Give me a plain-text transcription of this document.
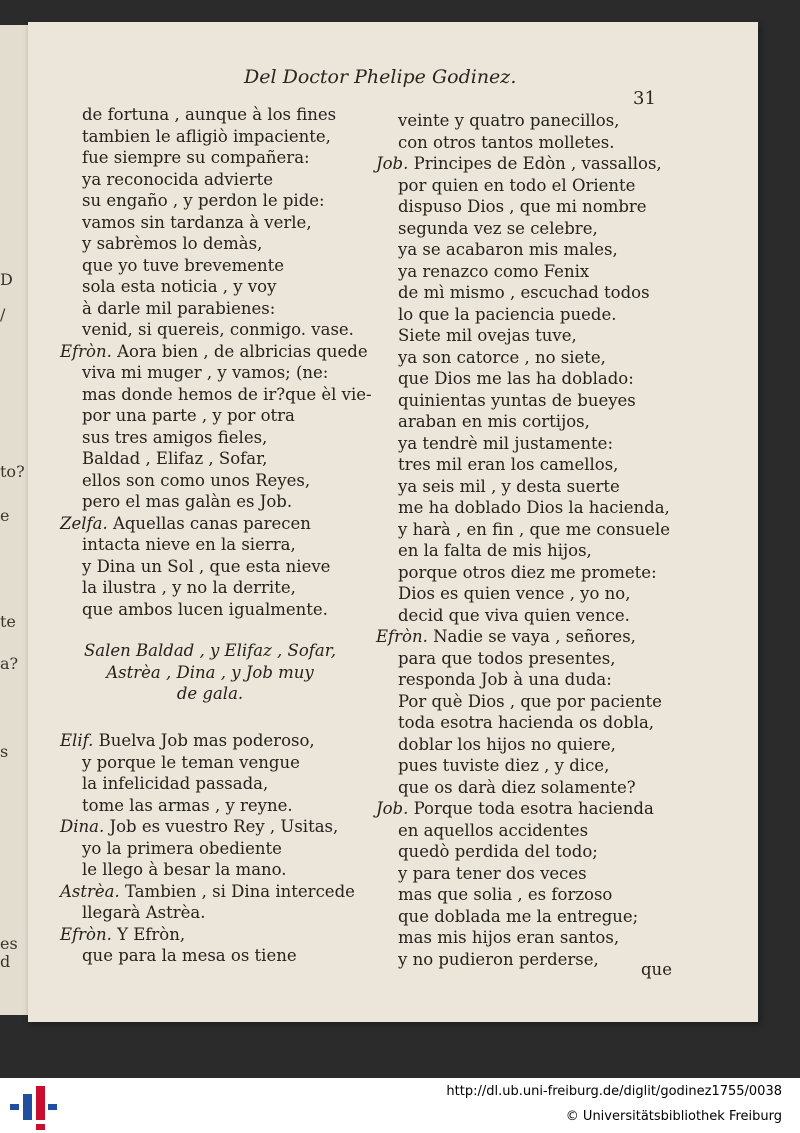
D
/
to?
e
te
a?
s
es
d
Del Doctor Phelipe Godinez.
31
de fortuna , aunque à los fines
tambien le afligiò impaciente,
fue siempre su compañera:
ya reconocida advierte
su engaño , y perdon le pide:
vamos sin tardanza à verle,
y sabrèmos lo demàs,
que yo tuve brevemente
sola esta noticia , y voy
à darle mil parabienes:
venid, si quereis, conmigo. vase.
Efròn. Aora bien , de albricias quede
viva mi muger , y vamos; (ne:
mas donde hemos de ir?que èl vie-
por una parte , y por otra
sus tres amigos fieles,
Baldad , Elifaz , Sofar,
ellos son como unos Reyes,
pero el mas galàn es Job.
Zelfa. Aquellas canas parecen
intacta nieve en la sierra,
y Dina un Sol , que esta nieve
la ilustra , y no la derrite,
que ambos lucen igualmente.
Salen Baldad , y Elifaz , Sofar,
Astrèa , Dina , y Job muy
de gala.
Elif. Buelva Job mas poderoso,
y porque le teman vengue
la infelicidad passada,
tome las armas , y reyne.
Dina. Job es vuestro Rey , Usitas,
yo la primera obediente
le llego à besar la mano.
Astrèa. Tambien , si Dina intercede
llegarà Astrèa.
Efròn. Y Efròn,
que para la mesa os tiene
veinte y quatro panecillos,
con otros tantos molletes.
Job. Principes de Edòn , vassallos,
por quien en todo el Oriente
dispuso Dios , que mi nombre
segunda vez se celebre,
ya se acabaron mis males,
ya renazco como Fenix
de mì mismo , escuchad todos
lo que la paciencia puede.
Siete mil ovejas tuve,
ya son catorce , no siete,
que Dios me las ha doblado:
quinientas yuntas de bueyes
araban en mis cortijos,
ya tendrè mil justamente:
tres mil eran los camellos,
ya seis mil , y desta suerte
me ha doblado Dios la hacienda,
y harà , en fin , que me consuele
en la falta de mis hijos,
porque otros diez me promete:
Dios es quien vence , yo no,
decid que viva quien vence.
Efròn. Nadie se vaya , señores,
para que todos presentes,
responda Job à una duda:
Por què Dios , que por paciente
toda esotra hacienda os dobla,
doblar los hijos no quiere,
pues tuviste diez , y dice,
que os darà diez solamente?
Job. Porque toda esotra hacienda
en aquellos accidentes
quedò perdida del todo;
y para tener dos veces
mas que solia , es forzoso
que doblada me la entregue;
mas mis hijos eran santos,
y no pudieron perderse,
que
http://dl.ub.uni-freiburg.de/diglit/godinez1755/0038
© Universitätsbibliothek Freiburg
